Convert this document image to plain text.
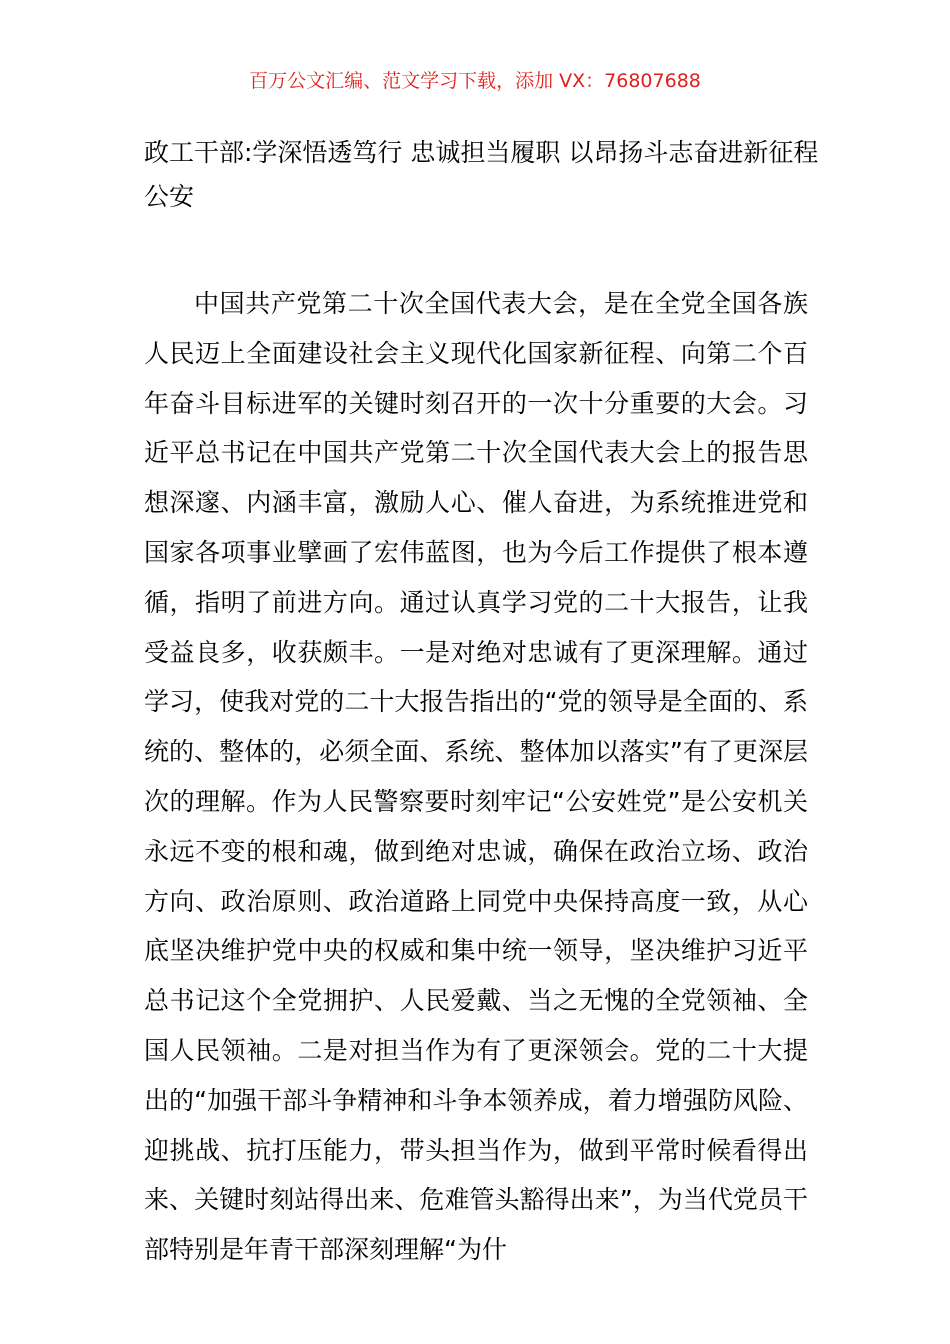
百万公文汇编、范文学习下载，添加 VX：76807688
政工干部:学深悟透笃行 忠诚担当履职 以昂扬斗志奋进新征程公安

中国共产党第二十次全国代表大会，是在全党全国各族人民迈上全面建设社会主义现代化国家新征程、向第二个百年奋斗目标进军的关键时刻召开的一次十分重要的大会。习近平总书记在中国共产党第二十次全国代表大会上的报告思想深邃、内涵丰富，激励人心、催人奋进，为系统推进党和国家各项事业擘画了宏伟蓝图，也为今后工作提供了根本遵循，指明了前进方向。通过认真学习党的二十大报告，让我受益良多，收获颇丰。一是对绝对忠诚有了更深理解。通过学习，使我对党的二十大报告指出的“党的领导是全面的、系统的、整体的，必须全面、系统、整体加以落实”有了更深层次的理解。作为人民警察要时刻牢记“公安姓党”是公安机关永远不变的根和魂，做到绝对忠诚，确保在政治立场、政治方向、政治原则、政治道路上同党中央保持高度一致，从心底坚决维护党中央的权威和集中统一领导，坚决维护习近平总书记这个全党拥护、人民爱戴、当之无愧的全党领袖、全国人民领袖。二是对担当作为有了更深领会。党的二十大提出的“加强干部斗争精神和斗争本领养成，着力增强防风险、迎挑战、抗打压能力，带头担当作为，做到平常时候看得出来、关键时刻站得出来、危难管头豁得出来”，为当代党员干部特别是年青干部深刻理解“为什
